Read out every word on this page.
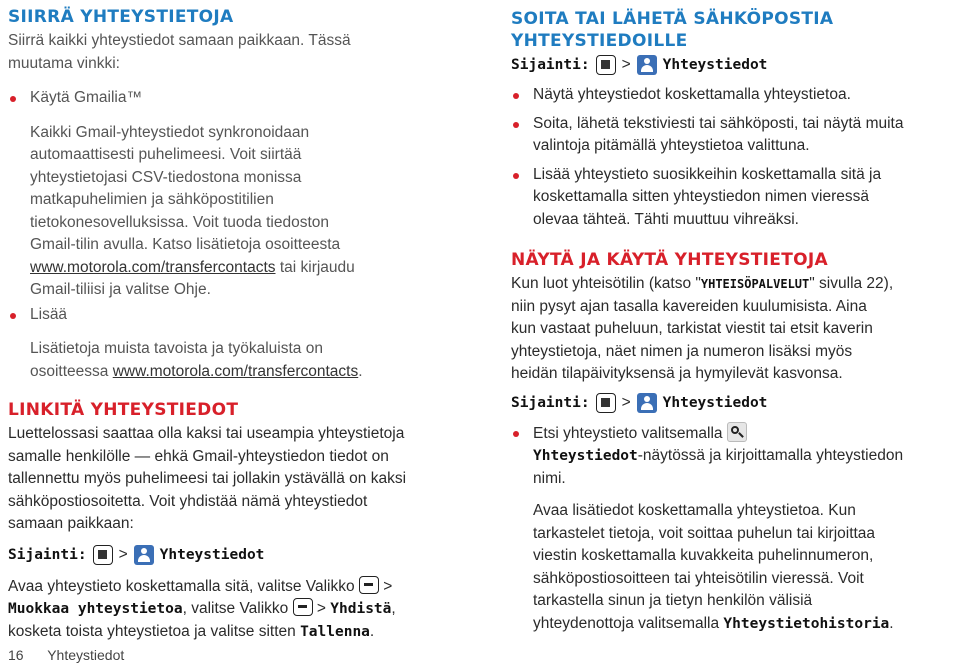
SIIRRÄ YHTEYSTIETOJA
Siirrä kaikki yhteystiedot samaan paikkaan. Tässä
muutama vinkki:
Käytä Gmailia™
Kaikki Gmail-yhteystiedot synkronoidaan
automaattisesti puhelimeesi. Voit siirtää
yhteystietojasi CSV-tiedostona monissa
matkapuhelimien ja sähköpostitilien
tietokonesovelluksissa. Voit tuoda tiedoston
Gmail-tilin avulla. Katso lisätietoja osoitteesta
www.motorola.com/transfercontacts tai kirjaudu
Gmail-tiliisi ja valitse Ohje.
Lisää
Lisätietoja muista tavoista ja työkaluista on
osoitteessa www.motorola.com/transfercontacts.
LINKITÄ YHTEYSTIEDOT
Luettelossasi saattaa olla kaksi tai useampia yhteystietoja
samalle henkilölle — ehkä Gmail-yhteystiedon tiedot on
tallennettu myös puhelimeesi tai jollakin ystävällä on kaksi
sähköpostiosoitetta. Voit yhdistää nämä yhteystiedot
samaan paikkaan:
Sijainti: > Yhteystiedot
Avaa yhteystieto koskettamalla sitä, valitse Valikko >
Muokkaa yhteystietoa, valitse Valikko > Yhdistä,
kosketa toista yhteystietoa ja valitse sitten Tallenna.
SOITA TAI LÄHETÄ SÄHKÖPOSTIA
YHTEYSTIEDOILLE
Sijainti: > Yhteystiedot
Näytä yhteystiedot koskettamalla yhteystietoa.
Soita, lähetä tekstiviesti tai sähköposti, tai näytä muita
valintoja pitämällä yhteystietoa valittuna.
Lisää yhteystieto suosikkeihin koskettamalla sitä ja
koskettamalla sitten yhteystiedon nimen vieressä
olevaa tähteä. Tähti muuttuu vihreäksi.
NÄYTÄ JA KÄYTÄ YHTEYSTIETOJA
Kun luot yhteisötilin (katso "YHTEISÖPALVELUT" sivulla 22),
niin pysyt ajan tasalla kavereiden kuulumisista. Aina
kun vastaat puheluun, tarkistat viestit tai etsit kaverin
yhteystietoja, näet nimen ja numeron lisäksi myös
heidän tilapäivityksensä ja hymyilevät kasvonsa.
Sijainti: > Yhteystiedot
Etsi yhteystieto valitsemalla
Yhteystiedot-näytössä ja kirjoittamalla yhteystiedon
nimi.
Avaa lisätiedot koskettamalla yhteystietoa. Kun
tarkastelet tietoja, voit soittaa puhelun tai kirjoittaa
viestin koskettamalla kuvakkeita puhelinnumeron,
sähköpostiosoitteen tai yhteisötilin vieressä. Voit
tarkastella sinun ja tietyn henkilön välisiä
yhteydenottoja valitsemalla Yhteystietohistoria.
16 Yhteystiedot
